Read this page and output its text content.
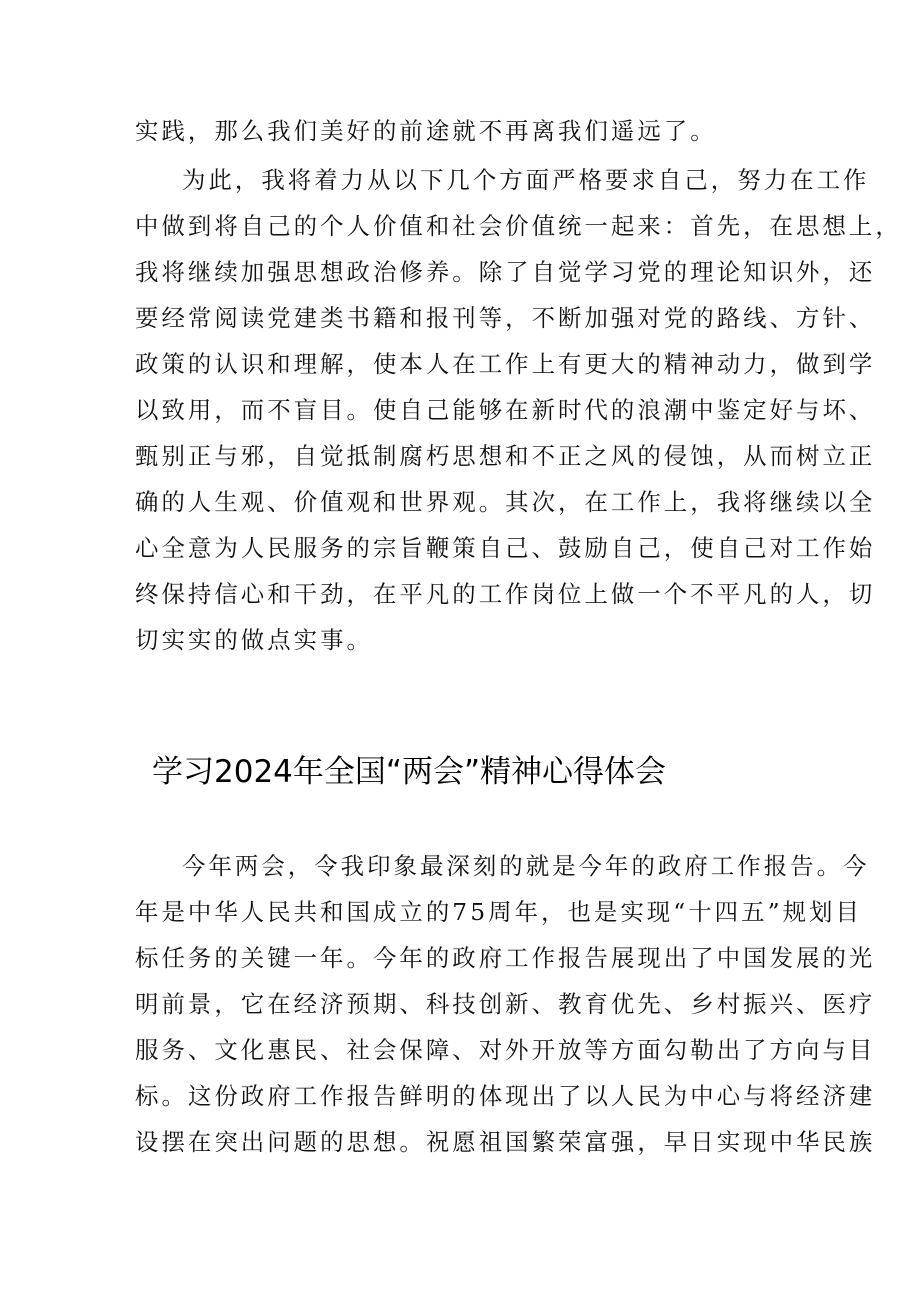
实践，那么我们美好的前途就不再离我们遥远了。
为此，我将着力从以下几个方面严格要求自己，努力在工作
中做到将自己的个人价值和社会价值统一起来：首先，在思想上，
我将继续加强思想政治修养。除了自觉学习党的理论知识外，还
要经常阅读党建类书籍和报刊等，不断加强对党的路线、方针、
政策的认识和理解，使本人在工作上有更大的精神动力，做到学
以致用，而不盲目。使自己能够在新时代的浪潮中鉴定好与坏、
甄别正与邪，自觉抵制腐朽思想和不正之风的侵蚀，从而树立正
确的人生观、价值观和世界观。其次，在工作上，我将继续以全
心全意为人民服务的宗旨鞭策自己、鼓励自己，使自己对工作始
终保持信心和干劲，在平凡的工作岗位上做一个不平凡的人，切
切实实的做点实事。
学习2024年全国“两会”精神心得体会
今年两会，令我印象最深刻的就是今年的政府工作报告。今
年是中华人民共和国成立的75周年，也是实现“十四五”规划目
标任务的关键一年。今年的政府工作报告展现出了中国发展的光
明前景，它在经济预期、科技创新、教育优先、乡村振兴、医疗
服务、文化惠民、社会保障、对外开放等方面勾勒出了方向与目
标。这份政府工作报告鲜明的体现出了以人民为中心与将经济建
设摆在突出问题的思想。祝愿祖国繁荣富强，早日实现中华民族
